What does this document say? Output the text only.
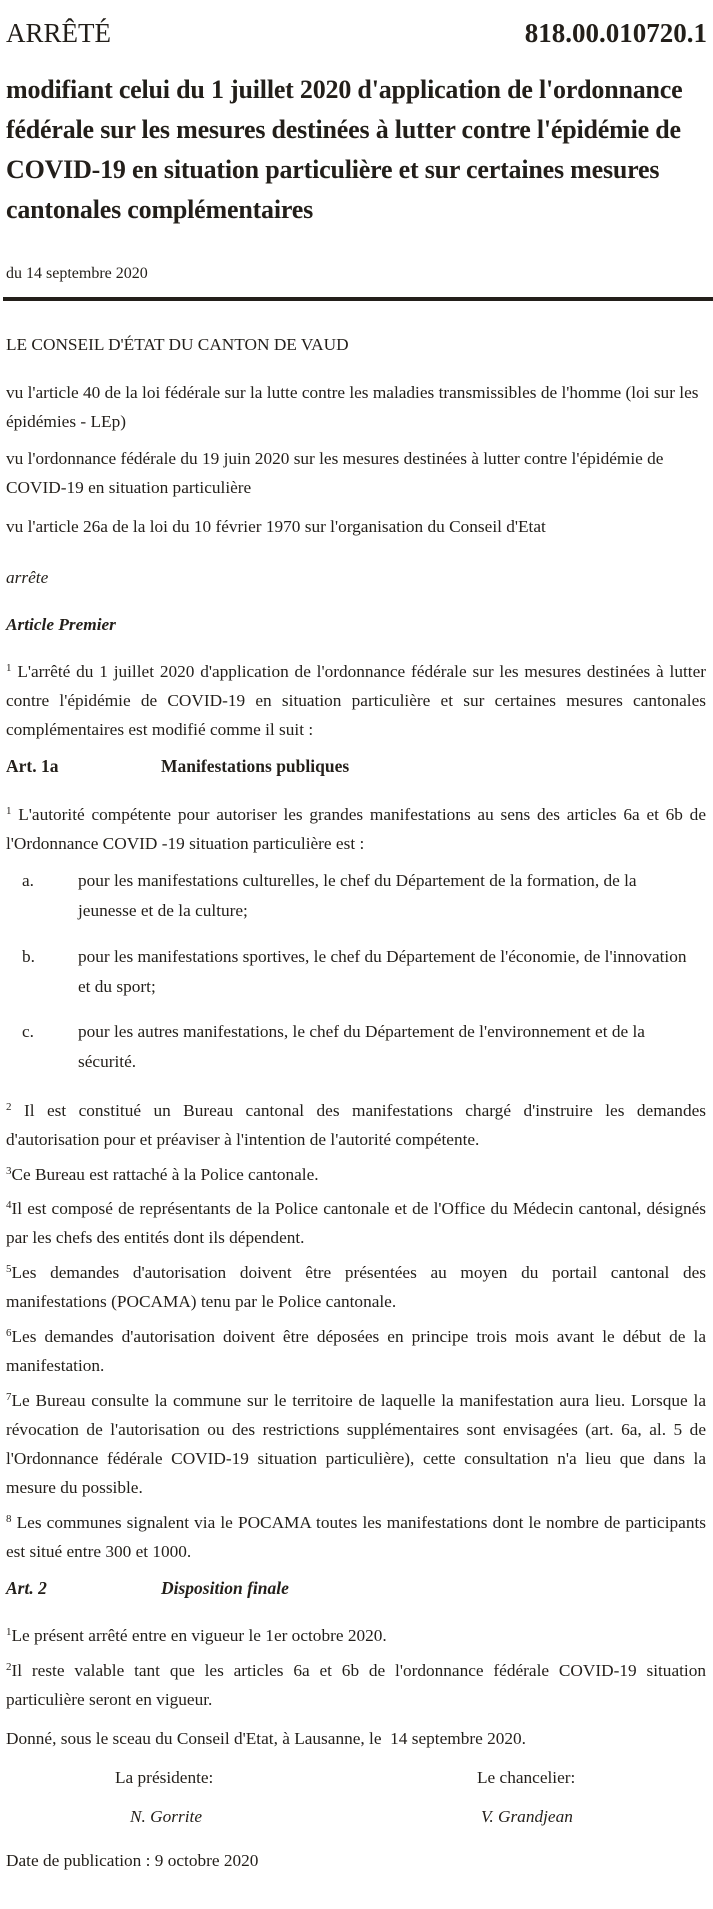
ARRÊTÉ	818.00.010720.1
modifiant celui du 1 juillet 2020 d'application de l'ordonnance fédérale sur les mesures destinées à lutter contre l'épidémie de COVID-19 en situation particulière et sur certaines mesures cantonales complémentaires
du 14 septembre 2020
LE CONSEIL D'ÉTAT DU CANTON DE VAUD
vu l'article 40 de la loi fédérale sur la lutte contre les maladies transmissibles de l'homme (loi sur les épidémies - LEp)
vu l'ordonnance fédérale du 19 juin 2020 sur les mesures destinées à lutter contre l'épidémie de COVID-19 en situation particulière
vu l'article 26a de la loi du 10 février 1970 sur l'organisation du Conseil d'Etat
arrête
Article Premier
$^1$ L'arrêté du 1 juillet 2020 d'application de l'ordonnance fédérale sur les mesures destinées à lutter contre l'épidémie de COVID-19 en situation particulière et sur certaines mesures cantonales complémentaires est modifié comme il suit :
Art. 1a	Manifestations publiques
$^1$ L'autorité compétente pour autoriser les grandes manifestations au sens des articles 6a et 6b de l'Ordonnance COVID -19 situation particulière est :
a.	pour les manifestations culturelles, le chef du Département de la formation, de la jeunesse et de la culture;
b. pour les manifestations sportives, le chef du Département de l'économie, de l'innovation et du sport;
c.	pour les autres manifestations, le chef du Département de l'environnement et de la sécurité.
$^2$ Il est constitué un Bureau cantonal des manifestations chargé d'instruire les demandes d'autorisation pour et préaviser à l'intention de l'autorité compétente.
$^3$Ce Bureau est rattaché à la Police cantonale.
$^4$Il est composé de représentants de la Police cantonale et de l'Office du Médecin cantonal, désignés par les chefs des entités dont ils dépendent.
$^5$Les demandes d'autorisation doivent être présentées au moyen du portail cantonal des manifestations (POCAMA) tenu par le Police cantonale.
$^6$Les demandes d'autorisation doivent être déposées en principe trois mois avant le début de la manifestation.
$^7$Le Bureau consulte la commune sur le territoire de laquelle la manifestation aura lieu. Lorsque la révocation de l'autorisation ou des restrictions supplémentaires sont envisagées (art. 6a, al. 5 de l'Ordonnance fédérale COVID-19 situation particulière), cette consultation n'a lieu que dans la mesure du possible.
$^8$ Les communes signalent via le POCAMA toutes les manifestations dont le nombre de participants est situé entre 300 et 1000.
Art. 2	Disposition finale
$^1$Le présent arrêté entre en vigueur le 1er octobre 2020.
$^2$Il reste valable tant que les articles 6a et 6b de l'ordonnance fédérale COVID-19 situation particulière seront en vigueur.
Donné, sous le sceau du Conseil d'Etat, à Lausanne, le  14 septembre 2020.
La présidente:	Le chancelier:
N. Gorrite	V. Grandjean
Date de publication : 9 octobre 2020
